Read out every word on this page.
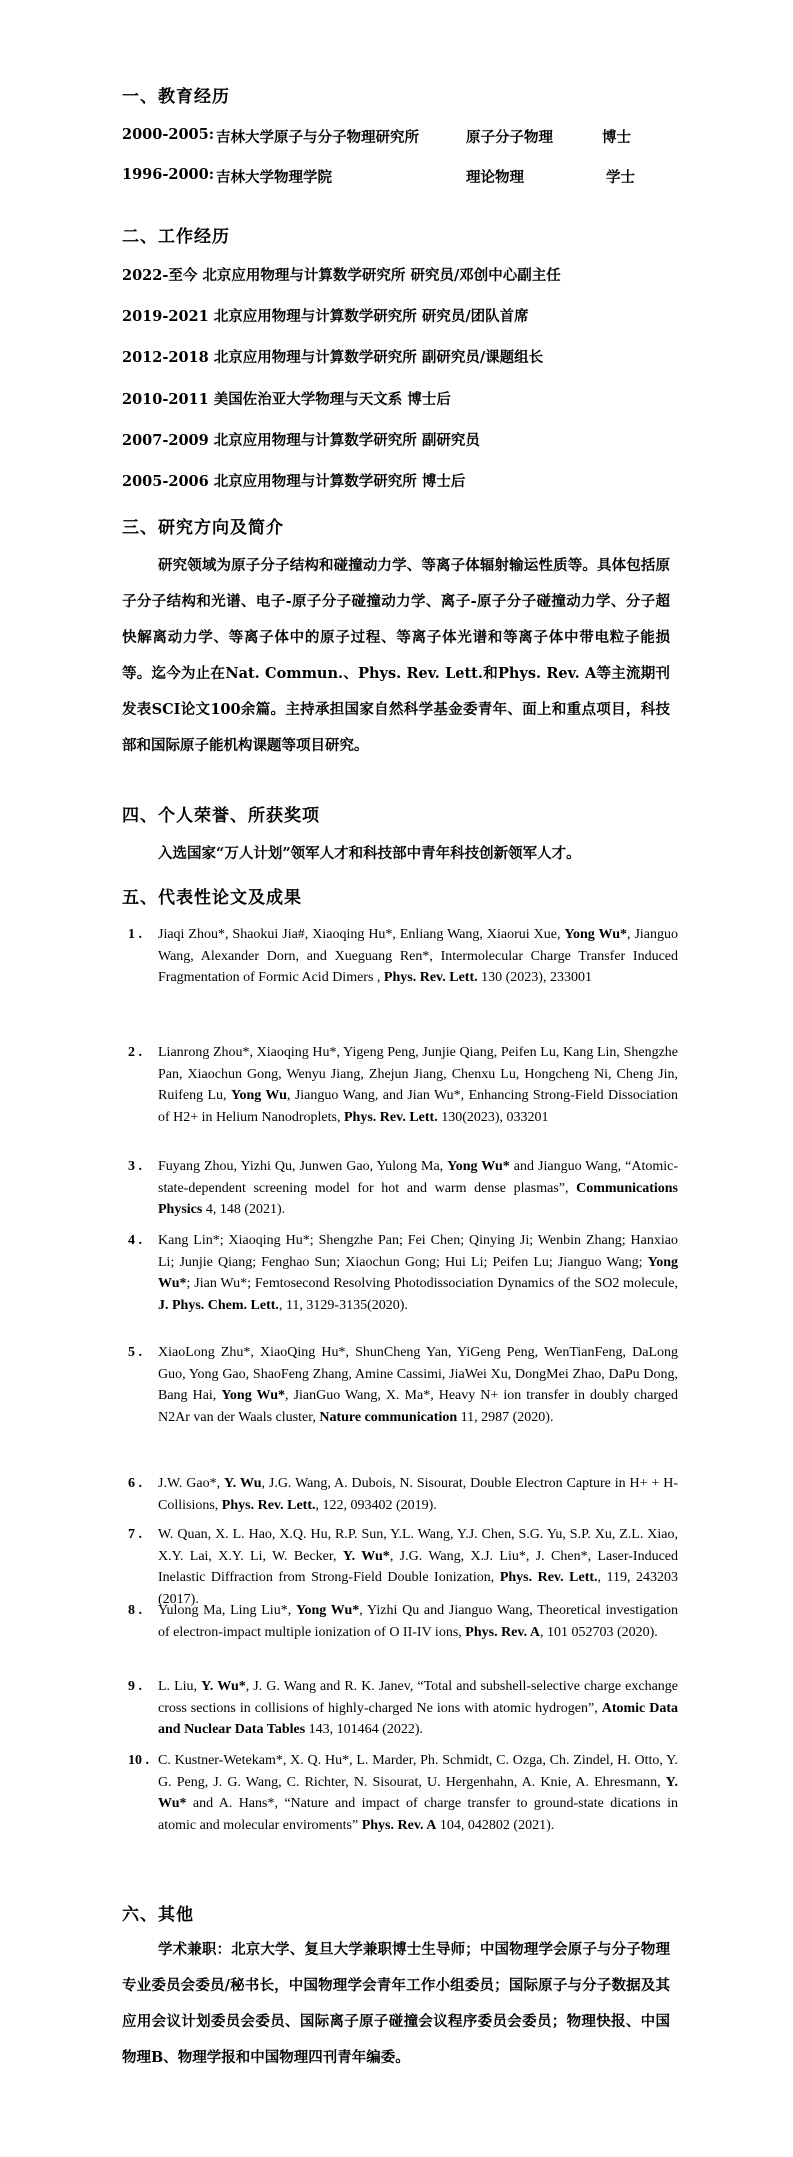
一、教育经历
2000-2005: 吉林大学原子与分子物理研究所	原子分子物理	博士
1996-2000: 吉林大学物理学院	理论物理	学士
二、工作经历
2022-至今 北京应用物理与计算数学研究所 研究员/邓创中心副主任
2019-2021 北京应用物理与计算数学研究所 研究员/团队首席
2012-2018 北京应用物理与计算数学研究所 副研究员/课题组长
2010-2011 美国佐治亚大学物理与天文系 博士后
2007-2009 北京应用物理与计算数学研究所 副研究员
2005-2006 北京应用物理与计算数学研究所 博士后
三、研究方向及简介
研究领域为原子分子结构和碰撞动力学、等离子体辐射输运性质等。具体包括原子分子结构和光谱、电子-原子分子碰撞动力学、离子-原子分子碰撞动力学、分子超快解离动力学、等离子体中的原子过程、等离子体光谱和等离子体中带电粒子能损等。迄今为止在Nat. Commun.、Phys. Rev. Lett.和Phys. Rev. A等主流期刊发表SCI论文100余篇。主持承担国家自然科学基金委青年、面上和重点项目，科技部和国际原子能机构课题等项目研究。
四、个人荣誉、所获奖项
入选国家“万人计划”领军人才和科技部中青年科技创新领军人才。
五、代表性论文及成果
1 .	Jiaqi Zhou*, Shaokui Jia#, Xiaoqing Hu*, Enliang Wang, Xiaorui Xue, Yong Wu*, Jianguo Wang, Alexander Dorn, and Xueguang Ren*, Intermolecular Charge Transfer Induced Fragmentation of Formic Acid Dimers , Phys. Rev. Lett. 130 (2023), 233001
2 .	Lianrong Zhou*, Xiaoqing Hu*, Yigeng Peng, Junjie Qiang, Peifen Lu, Kang Lin, Shengzhe Pan, Xiaochun Gong, Wenyu Jiang, Zhejun Jiang, Chenxu Lu, Hongcheng Ni, Cheng Jin, Ruifeng Lu, Yong Wu, Jianguo Wang, and Jian Wu*, Enhancing Strong-Field Dissociation of H2+ in Helium Nanodroplets, Phys. Rev. Lett. 130(2023), 033201
3 .	Fuyang Zhou, Yizhi Qu, Junwen Gao, Yulong Ma, Yong Wu* and Jianguo Wang, “Atomic-state-dependent screening model for hot and warm dense plasmas”, Communications Physics 4, 148 (2021).
4 .	Kang Lin*; Xiaoqing Hu*; Shengzhe Pan; Fei Chen; Qinying Ji; Wenbin Zhang; Hanxiao Li; Junjie Qiang; Fenghao Sun; Xiaochun Gong; Hui Li; Peifen Lu; Jianguo Wang; Yong Wu*; Jian Wu*; Femtosecond Resolving Photodissociation Dynamics of the SO2 molecule, J. Phys. Chem. Lett., 11, 3129-3135(2020).
5 .	XiaoLong Zhu*, XiaoQing Hu*, ShunCheng Yan, YiGeng Peng, WenTianFeng, DaLong Guo, Yong Gao, ShaoFeng Zhang, Amine Cassimi, JiaWei Xu, DongMei Zhao, DaPu Dong, Bang Hai, Yong Wu*, JianGuo Wang, X. Ma*, Heavy N+ ion transfer in doubly charged N2Ar van der Waals cluster, Nature communication 11, 2987 (2020).
6 .	J.W. Gao*, Y. Wu, J.G. Wang, A. Dubois, N. Sisourat, Double Electron Capture in H+ + H- Collisions, Phys. Rev. Lett., 122, 093402 (2019).
7 .	W. Quan, X. L. Hao, X.Q. Hu, R.P. Sun, Y.L. Wang, Y.J. Chen, S.G. Yu, S.P. Xu, Z.L. Xiao, X.Y. Lai, X.Y. Li, W. Becker, Y. Wu*, J.G. Wang, X.J. Liu*, J. Chen*, Laser-Induced Inelastic Diffraction from Strong-Field Double Ionization, Phys. Rev. Lett., 119, 243203 (2017).
8 .	Yulong Ma, Ling Liu*, Yong Wu*, Yizhi Qu and Jianguo Wang, Theoretical investigation of electron-impact multiple ionization of O II-IV ions, Phys. Rev. A, 101 052703 (2020).
9 .	L. Liu, Y. Wu*, J. G. Wang and R. K. Janev, “Total and subshell-selective charge exchange cross sections in collisions of highly-charged Ne ions with atomic hydrogen”, Atomic Data and Nuclear Data Tables 143, 101464 (2022).
10 . C. Kustner-Wetekam*, X. Q. Hu*, L. Marder, Ph. Schmidt, C. Ozga, Ch. Zindel, H. Otto, Y. G. Peng, J. G. Wang, C. Richter, N. Sisourat, U. Hergenhahn, A. Knie, A. Ehresmann, Y. Wu* and A. Hans*, “Nature and impact of charge transfer to ground-state dications in atomic and molecular enviroments” Phys. Rev. A 104, 042802 (2021).
六、其他
学术兼职：北京大学、复旦大学兼职博士生导师；中国物理学会原子与分子物理专业委员会委员/秘书长，中国物理学会青年工作小组委员；国际原子与分子数据及其应用会议计划委员会委员、国际离子原子碰撞会议程序委员会委员；物理快报、中国物理B、物理学报和中国物理四刊青年编委。
